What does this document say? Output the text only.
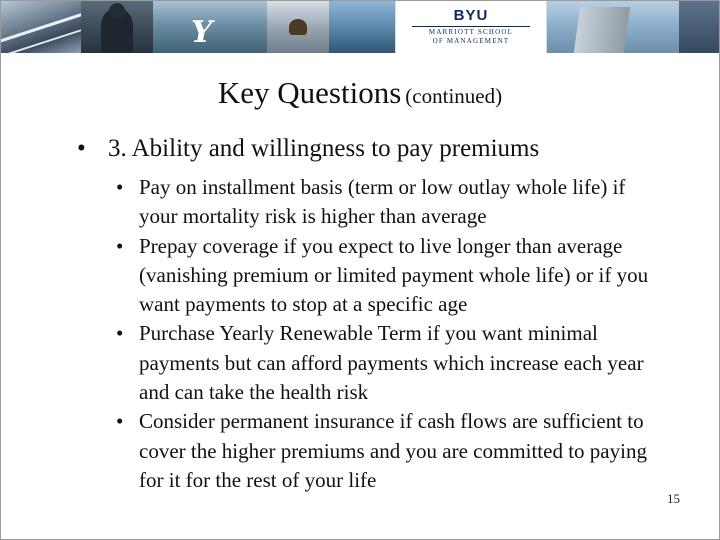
Y	BYU
MARRIOTT SCHOOL
OF MANAGEMENT
Key Questions (continued)
• 3. Ability and willingness to pay premiums
• Pay on installment basis (term or low outlay whole life) if your mortality risk is higher than average
• Prepay coverage if you expect to live longer than average (vanishing premium or limited payment whole life) or if you want payments to stop at a specific age
• Purchase Yearly Renewable Term if you want minimal payments but can afford payments which increase each year and can take the health risk
• Consider permanent insurance if cash flows are sufficient to cover the higher premiums and you are committed to paying for it for the rest of your life
15
